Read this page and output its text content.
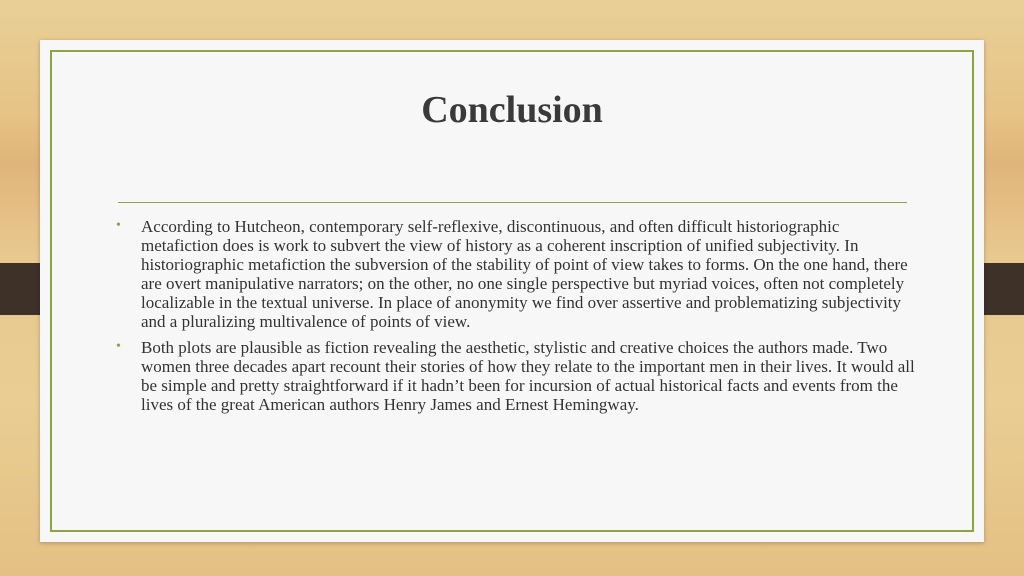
Conclusion
• According to Hutcheon, contemporary self-reflexive, discontinuous, and often difficult historiographic metafiction does is work to subvert the view of history as a coherent inscription of unified subjectivity. In historiographic metafiction the subversion of the stability of point of view takes to forms. On the one hand, there are overt manipulative narrators; on the other, no one single perspective but myriad voices, often not completely localizable in the textual universe. In place of anonymity we find over assertive and problematizing subjectivity and a pluralizing multivalence of points of view.
• Both plots are plausible as fiction revealing the aesthetic, stylistic and creative choices the authors made. Two women three decades apart recount their stories of how they relate to the important men in their lives. It would all be simple and pretty straightforward if it hadn’t been for incursion of actual historical facts and events from the lives of the great American authors Henry James and Ernest Hemingway.
